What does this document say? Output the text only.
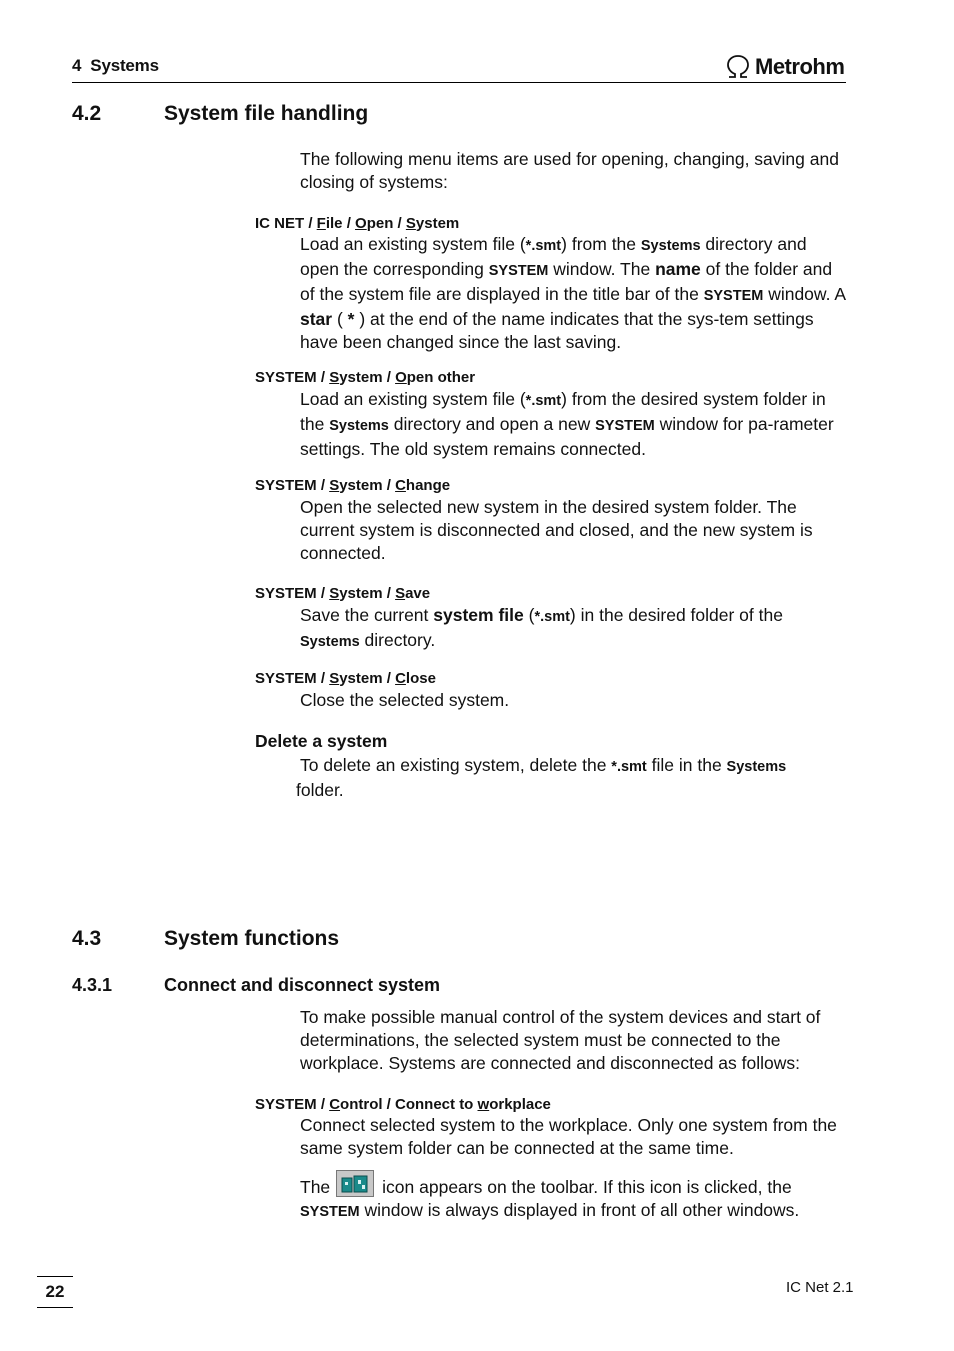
4  Systems	Metrohm
4.2	System file handling
The following menu items are used for opening, changing, saving and closing of systems:
IC NET / File / Open / System
Load an existing system file (*.smt) from the Systems directory and open the corresponding SYSTEM window. The name of the folder and of the system file are displayed in the title bar of the SYSTEM window. A star ( * ) at the end of the name indicates that the sys-tem settings have been changed since the last saving.
SYSTEM / System / Open other
Load an existing system file (*.smt) from the desired system folder in the Systems directory and open a new SYSTEM window for pa-rameter settings. The old system remains connected.
SYSTEM / System / Change
Open the selected new system in the desired system folder. The current system is disconnected and closed, and the new system is connected.
SYSTEM / System / Save
Save the current system file (*.smt) in the desired folder of the
Systems directory.
SYSTEM / System / Close
Close the selected system.
Delete a system
To delete an existing system, delete the *.smt file in the Systems
folder.
4.3	System functions
4.3.1	Connect and disconnect system
To make possible manual control of the system devices and start of determinations, the selected system must be connected to the workplace. Systems are connected and disconnected as follows:
SYSTEM / Control / Connect to workplace
Connect selected system to the workplace. Only one system from the same system folder can be connected at the same time.
The	icon appears on the toolbar. If this icon is clicked, the
SYSTEM window is always displayed in front of all other windows.
22	IC Net 2.1
